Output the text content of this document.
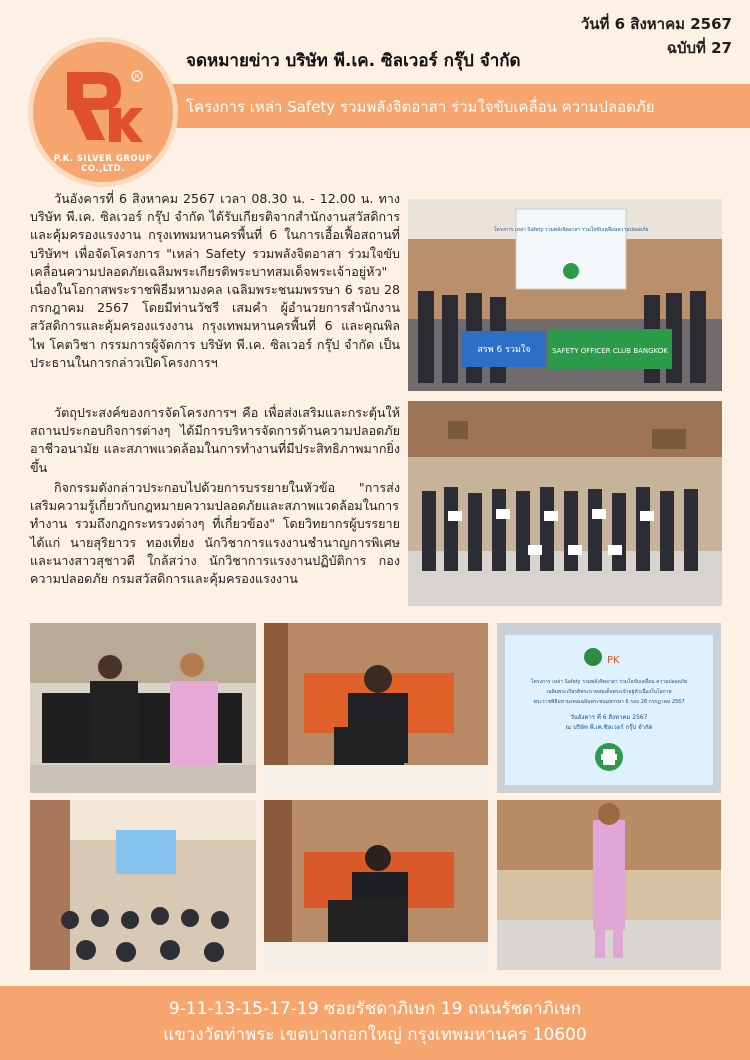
วันที่ 6 สิงหาคม 2567
ฉบับที่ 27
จดหมายข่าว บริษัท พี.เค. ซิลเวอร์ กรุ๊ป จำกัด
โครงการ เหล่า Safety รวมพลังจิตอาสา ร่วมใจขับเคลื่อน ความปลอดภัย
R
P.K. SILVER GROUP CO.,LTD.
วันอังคารที่ 6 สิงหาคม 2567 เวลา 08.30 น. - 12.00 น. ทาง บริษัท พี.เค. ซิลเวอร์ กรุ๊ป จำกัด ได้รับเกียรติจากสำนักงานสวัสดิการและคุ้มครองแรงงาน กรุงเทพมหานครพื้นที่ 6 ในการเอื้อเฟื้อสถานที่บริษัทฯ เพื่อจัดโครงการ "เหล่า Safety รวมพลังจิตอาสา ร่วมใจขับเคลื่อนความปลอดภัยเฉลิมพระเกียรติพระบาทสมเด็จพระเจ้าอยู่หัว" เนื่องในโอกาสพระราชพิธีมหามงคล เฉลิมพระชนมพรรษา 6 รอบ 28 กรกฎาคม 2567 โดยมีท่านวัชรี เสมคำ ผู้อำนวยการสำนักงานสวัสดิการและคุ้มครองแรงงาน กรุงเทพมหานครพื้นที่ 6 และคุณพิลไพ โคตวิชา กรรมการผู้จัดการ บริษัท พี.เค. ซิลเวอร์ กรุ๊ป จำกัด เป็นประธานในการกล่าวเปิดโครงการฯ
วัตถุประสงค์ของการจัดโครงการฯ คือ เพื่อส่งเสริมและกระตุ้นให้สถานประกอบกิจการต่างๆ ได้มีการบริหารจัดการด้านความปลอดภัย อาชีวอนามัย และสภาพแวดล้อมในการทำงานที่มีประสิทธิภาพมากยิ่งขึ้น
กิจกรรมดังกล่าวประกอบไปด้วยการบรรยายในหัวข้อ "การส่งเสริมความรู้เกี่ยวกับกฎหมายความปลอดภัยและสภาพแวดล้อมในการทำงาน รวมถึงกฎกระทรวงต่างๆ ที่เกี่ยวข้อง" โดยวิทยากรผู้บรรยาย ได้แก่ นายสุริยาวร ทองเที่ยง นักวิชาการแรงงานชำนาญการพิเศษ และนางสาวสุชาวดี ใกล้สว่าง นักวิชาการแรงงานปฏิบัติการ กองความปลอดภัย กรมสวัสดิการและคุ้มครองแรงงาน
โครงการ เหล่า Safety รวมพลังจิตอาสา ร่วมใจขับเคลื่อนความปลอดภัย
สรพ 6 รวมใจ	SAFETY OFFICER CLUB BANGKOK
PK
โครงการ เหล่า Safety รวมพลังจิตอาสา ร่วมใจขับเคลื่อน ความปลอดภัย
เฉลิมพระเกียรติพระบาทสมเด็จพระเจ้าอยู่หัวเนื่องในโอกาส
พระราชพิธีมหามงคลเฉลิมพระชนมพรรษา 6 รอบ 28 กรกฎาคม 2567
วันอังคาร ที่ 6 สิงหาคม 2567
ณ บริษัท พี.เค.ซิลเวอร์ กรุ๊ป จำกัด
9-11-13-15-17-19 ซอยรัชดาภิเษก 19 ถนนรัชดาภิเษก
แขวงวัดท่าพระ เขตบางกอกใหญ่ กรุงเทพมหานคร 10600
